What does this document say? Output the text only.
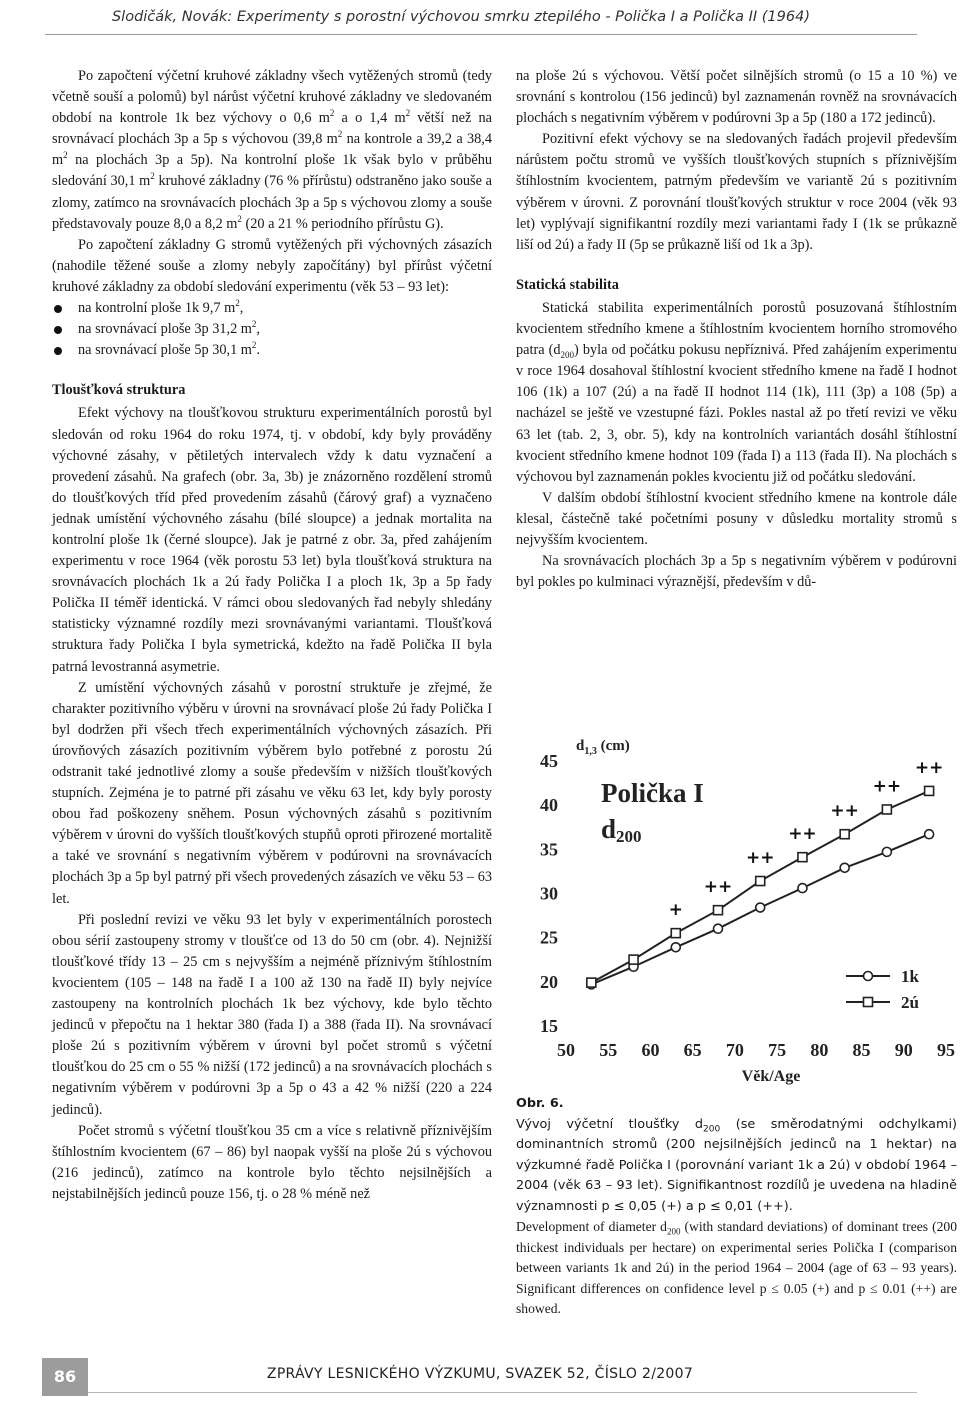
Slodičák, Novák: Experimenty s porostní výchovou smrku ztepilého - Polička I a Polička II (1964)

Po započtení výčetní kruhové základny všech vytěžených stromů (tedy včetně souší a polomů) byl nárůst výčetní kruhové základny ve sledovaném období na kontrole 1k bez výchovy o 0,6 $m^2$ a o 1,4 $m^2$ větší než na srovnávací plochách 3p a 5p s výchovou (39,8 $m^2$ na kontrole a 39,2 a 38,4 $m^2$ na plochách 3p a 5p). Na kontrolní ploše 1k však bylo v průběhu sledování 30,1 $m^2$ kruhové základny (76 % přírůstu) odstraněno jako souše a zlomy, zatímco na srovnávacích plochách 3p a 5p s výchovou zlomy a souše představovaly pouze 8,0 a 8,2 $m^2$ (20 a 21 % periodního přírůstu G).

Po započtení základny G stromů vytěžených při výchovných zásazích (nahodile těžené souše a zlomy nebyly započítány) byl přírůst výčetní kruhové základny za období sledování experimentu (věk 53 – 93 let):

na kontrolní ploše 1k 9,7 $m^2$,
na srovnávací ploše 3p 31,2 $m^2$,
na srovnávací ploše 5p 30,1 $m^2$.
Tloušťková struktura

Efekt výchovy na tloušťkovou strukturu experimentálních porostů byl sledován od roku 1964 do roku 1974, tj. v období, kdy byly prováděny výchovné zásahy, v pětiletých intervalech vždy k datu vyznačení a provedení zásahů. Na grafech (obr. 3a, 3b) je znázorněno rozdělení stromů do tloušťkových tříd před provedením zásahů (čárový graf) a vyznačeno jednak umístění výchovného zásahu (bílé sloupce) a jednak mortalita na kontrolní ploše 1k (černé sloupce). Jak je patrné z obr. 3a, před zahájením experimentu v roce 1964 (věk porostu 53 let) byla tloušťková struktura na srovnávacích plochách 1k a 2ú řady Polička I a ploch 1k, 3p a 5p řady Polička II téměř identická. V rámci obou sledovaných řad nebyly shledány statisticky významné rozdíly mezi srovnávanými variantami. Tloušťková struktura řady Polička I byla symetrická, kdežto na řadě Polička II byla patrná levostranná asymetrie.

Z umístění výchovných zásahů v porostní struktuře je zřejmé, že charakter pozitivního výběru v úrovni na srovnávací ploše 2ú řady Polička I byl dodržen při všech třech experimentálních výchovných zásazích. Při úrovňových zásazích pozitivním výběrem bylo potřebné z porostu 2ú odstranit také jednotlivé zlomy a souše především v nižších tloušťkových stupních. Zejména je to patrné při zásahu ve věku 63 let, kdy byly porosty obou řad poškozeny sněhem. Posun výchovných zásahů s pozitivním výběrem v úrovni do vyšších tloušťkových stupňů oproti přirozené mortalitě a také ve srovnání s negativním výběrem v podúrovni na srovnávacích plochách 3p a 5p byl patrný při všech provedených zásazích ve věku 53 – 63 let.

Při poslední revizi ve věku 93 let byly v experimentálních porostech obou sérií zastoupeny stromy v tloušťce od 13 do 50 cm (obr. 4). Nejnižší tloušťkové třídy 13 – 25 cm s nejvyšším a nejméně příznivým štíhlostním kvocientem (105 – 148 na řadě I a 100 až 130 na řadě II) byly nejvíce zastoupeny na kontrolních plochách 1k bez výchovy, kde bylo těchto jedinců v přepočtu na 1 hektar 380 (řada I) a 388 (řada II). Na srovnávací ploše 2ú s pozitivním výběrem v úrovni byl počet stromů s výčetní tloušťkou do 25 cm o 55 % nižší (172 jedinců) a na srovnávacích plochách s negativním výběrem v podúrovni 3p a 5p o 43 a 42 % nižší (220 a 224 jedinců).

Počet stromů s výčetní tloušťkou 35 cm a více s relativně příznivějším štíhlostním kvocientem (67 – 86) byl naopak vyšší na ploše 2ú s výchovou (216 jedinců), zatímco na kontrole bylo těchto nejsilnějších a nejstabilnějších jedinců pouze 156, tj. o 28 % méně než

na ploše 2ú s výchovou. Větší počet silnějších stromů (o 15 a 10 %) ve srovnání s kontrolou (156 jedinců) byl zaznamenán rovněž na srovnávacích plochách s negativním výběrem v podúrovni 3p a 5p (180 a 172 jedinců).

Pozitivní efekt výchovy se na sledovaných řadách projevil především nárůstem počtu stromů ve vyšších tloušťkových stupních s příznivějším štíhlostním kvocientem, patrným především ve variantě 2ú s pozitivním výběrem v úrovni. Z porovnání tloušťkových struktur v roce 2004 (věk 93 let) vyplývají signifikantní rozdíly mezi variantami řady I (1k se průkazně liší od 2ú) a řady II (5p se průkazně liší od 1k a 3p).

Statická stabilita

Statická stabilita experimentálních porostů posuzovaná štíhlostním kvocientem středního kmene a štíhlostním kvocientem horního stromového patra $(d_{200})$ byla od počátku pokusu nepříznivá. Před zahájením experimentu v roce 1964 dosahoval štíhlostní kvocient středního kmene na řadě I hodnot 106 (1k) a 107 (2ú) a na řadě II hodnot 114 (1k), 111 (3p) a 108 (5p) a nacházel se ještě ve vzestupné fázi. Pokles nastal až po třetí revizi ve věku 63 let (tab. 2, 3, obr. 5), kdy na kontrolních variantách dosáhl štíhlostní kvocient středního kmene hodnot 109 (řada I) a 113 (řada II). Na plochách s výchovou byl zaznamenán pokles kvocientu již od počátku sledování.

V dalším období štíhlostní kvocient středního kmene na kontrole dále klesal, částečně také početními posuny v důsledku mortality stromů s nejvyšším kvocientem.

Na srovnávacích plochách 3p a 5p s negativním výběrem v podúrovni byl pokles po kulminaci výraznější, především v dů-

15
20
25
30
35
40
45
50 55 60 65 70 75 80 85 90 95
Věk/Age
$d_{1,3}$ (cm)
Polička I
d200
+
++
++
++
++
++
++
1k
2ú
Obr. 6.
Vývoj výčetní tloušťky $d_{200}$ (se směrodatnými odchylkami) dominantních stromů (200 nejsilnějších jedinců na 1 hektar) na výzkumné řadě Polička I (porovnání variant 1k a 2ú) v období 1964 – 2004 (věk 63 – 93 let). Signifikantnost rozdílů je uvedena na hladině významnosti p ≤ 0,05 (+) a p ≤ 0,01 (++).
Development of diameter $d_{200}$ (with standard deviations) of dominant trees (200 thickest individuals per hectare) on experimental series Polička I (comparison between variants 1k and 2ú) in the period 1964 – 2004 (age of 63 – 93 years). Significant differences on confidence level p ≤ 0.05 (+) and p ≤ 0.01 (++) are showed.
86	ZPRÁVY LESNICKÉHO VÝZKUMU, SVAZEK 52, ČÍSLO 2/2007
